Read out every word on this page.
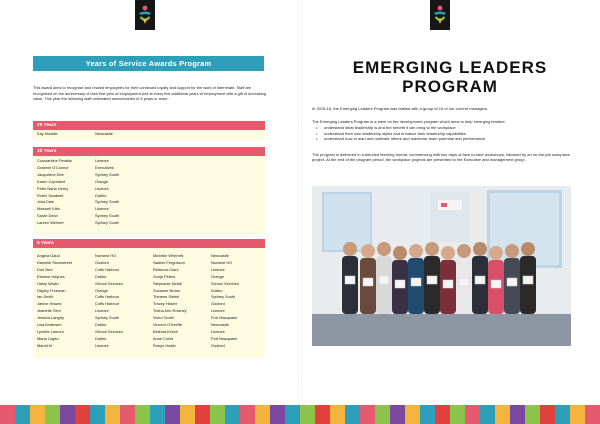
Years of Service Awards Program
This award aims to recognise and reward employees for their continued loyalty and support for the work of Interrelate. Staff are recognised on the anniversary of their first year of employment and at every five additional years of employment with a gift of increasing value. This year the following staff celebrated anniversaries of 5 years or more:
25 Years
Kay Muddle	Newcastle
10 Years
Constantine Perakis
Graeme O'Connor
Jacqueline Dee
Karen Copeland
Peter Nana Henry
Robin Swalwell
Julia Dale
Maxwell Kitto
Sarah Dean
Lauren Weinert
Lismore
Executives
Sydney South
Orange
Lismore
Dubbo
Sydney South
Lismore
Sydney South
Sydney South
5 Years
Angela Gaud
Danielle Stonestreet
Dori Ned
Eleanor Haynes
Haley Walsh
Hayley Freeman
Ian Smith
Janine Howes
Jeanette Simi
Jessica Langtry
Lisa Andersen
Lynette Lamont
Maria Logan
Mandi M
Norwest HO
Gosford
Coffs Harbour
Dubbo
School Services
Orange
Coffs Harbour
Coffs Harbour
Lismore
Sydney South
Dubbo
School Services
Dubbo
Lismore
Michelle Wherrett
Nadine Fergusson
Rebecca Clark
Sonja Peters
Stephanie Mcfall
Suzanne Brown
Therese Siebel
Tracey Hidver
Trisha Ann Rowney
Victor Smith
Vincent O'Keeffe
Belinda Keech
Anne Curtis
Robyn Heath
Newcastle
Norwest HO
Lismore
Orange
School Services
Dubbo
Sydney South
Gosford
Lismore
Port Macquarie
Newcastle
Lismore
Port Macquarie
Gosford
EMERGING LEADERS
PROGRAM
In 2015-16, the Emerging Leaders Program was trialled with a group of 15 of our current managers.
The Emerging Leaders Program is a stem on the development program which aims to help emerging leaders:
• understand what leadership is and the benefit it can bring to the workplace
• understand their own leadership styles and enhance their leadership capabilities
• understand how to lead and motivate others and maximise team potential and performance
The program is delivered in a blended learning format, commencing with two days of face-to-face workshops, followed by an on-the-job workplace project. At the end of the program period, the workplace projects are presented to the Executive and management group.
